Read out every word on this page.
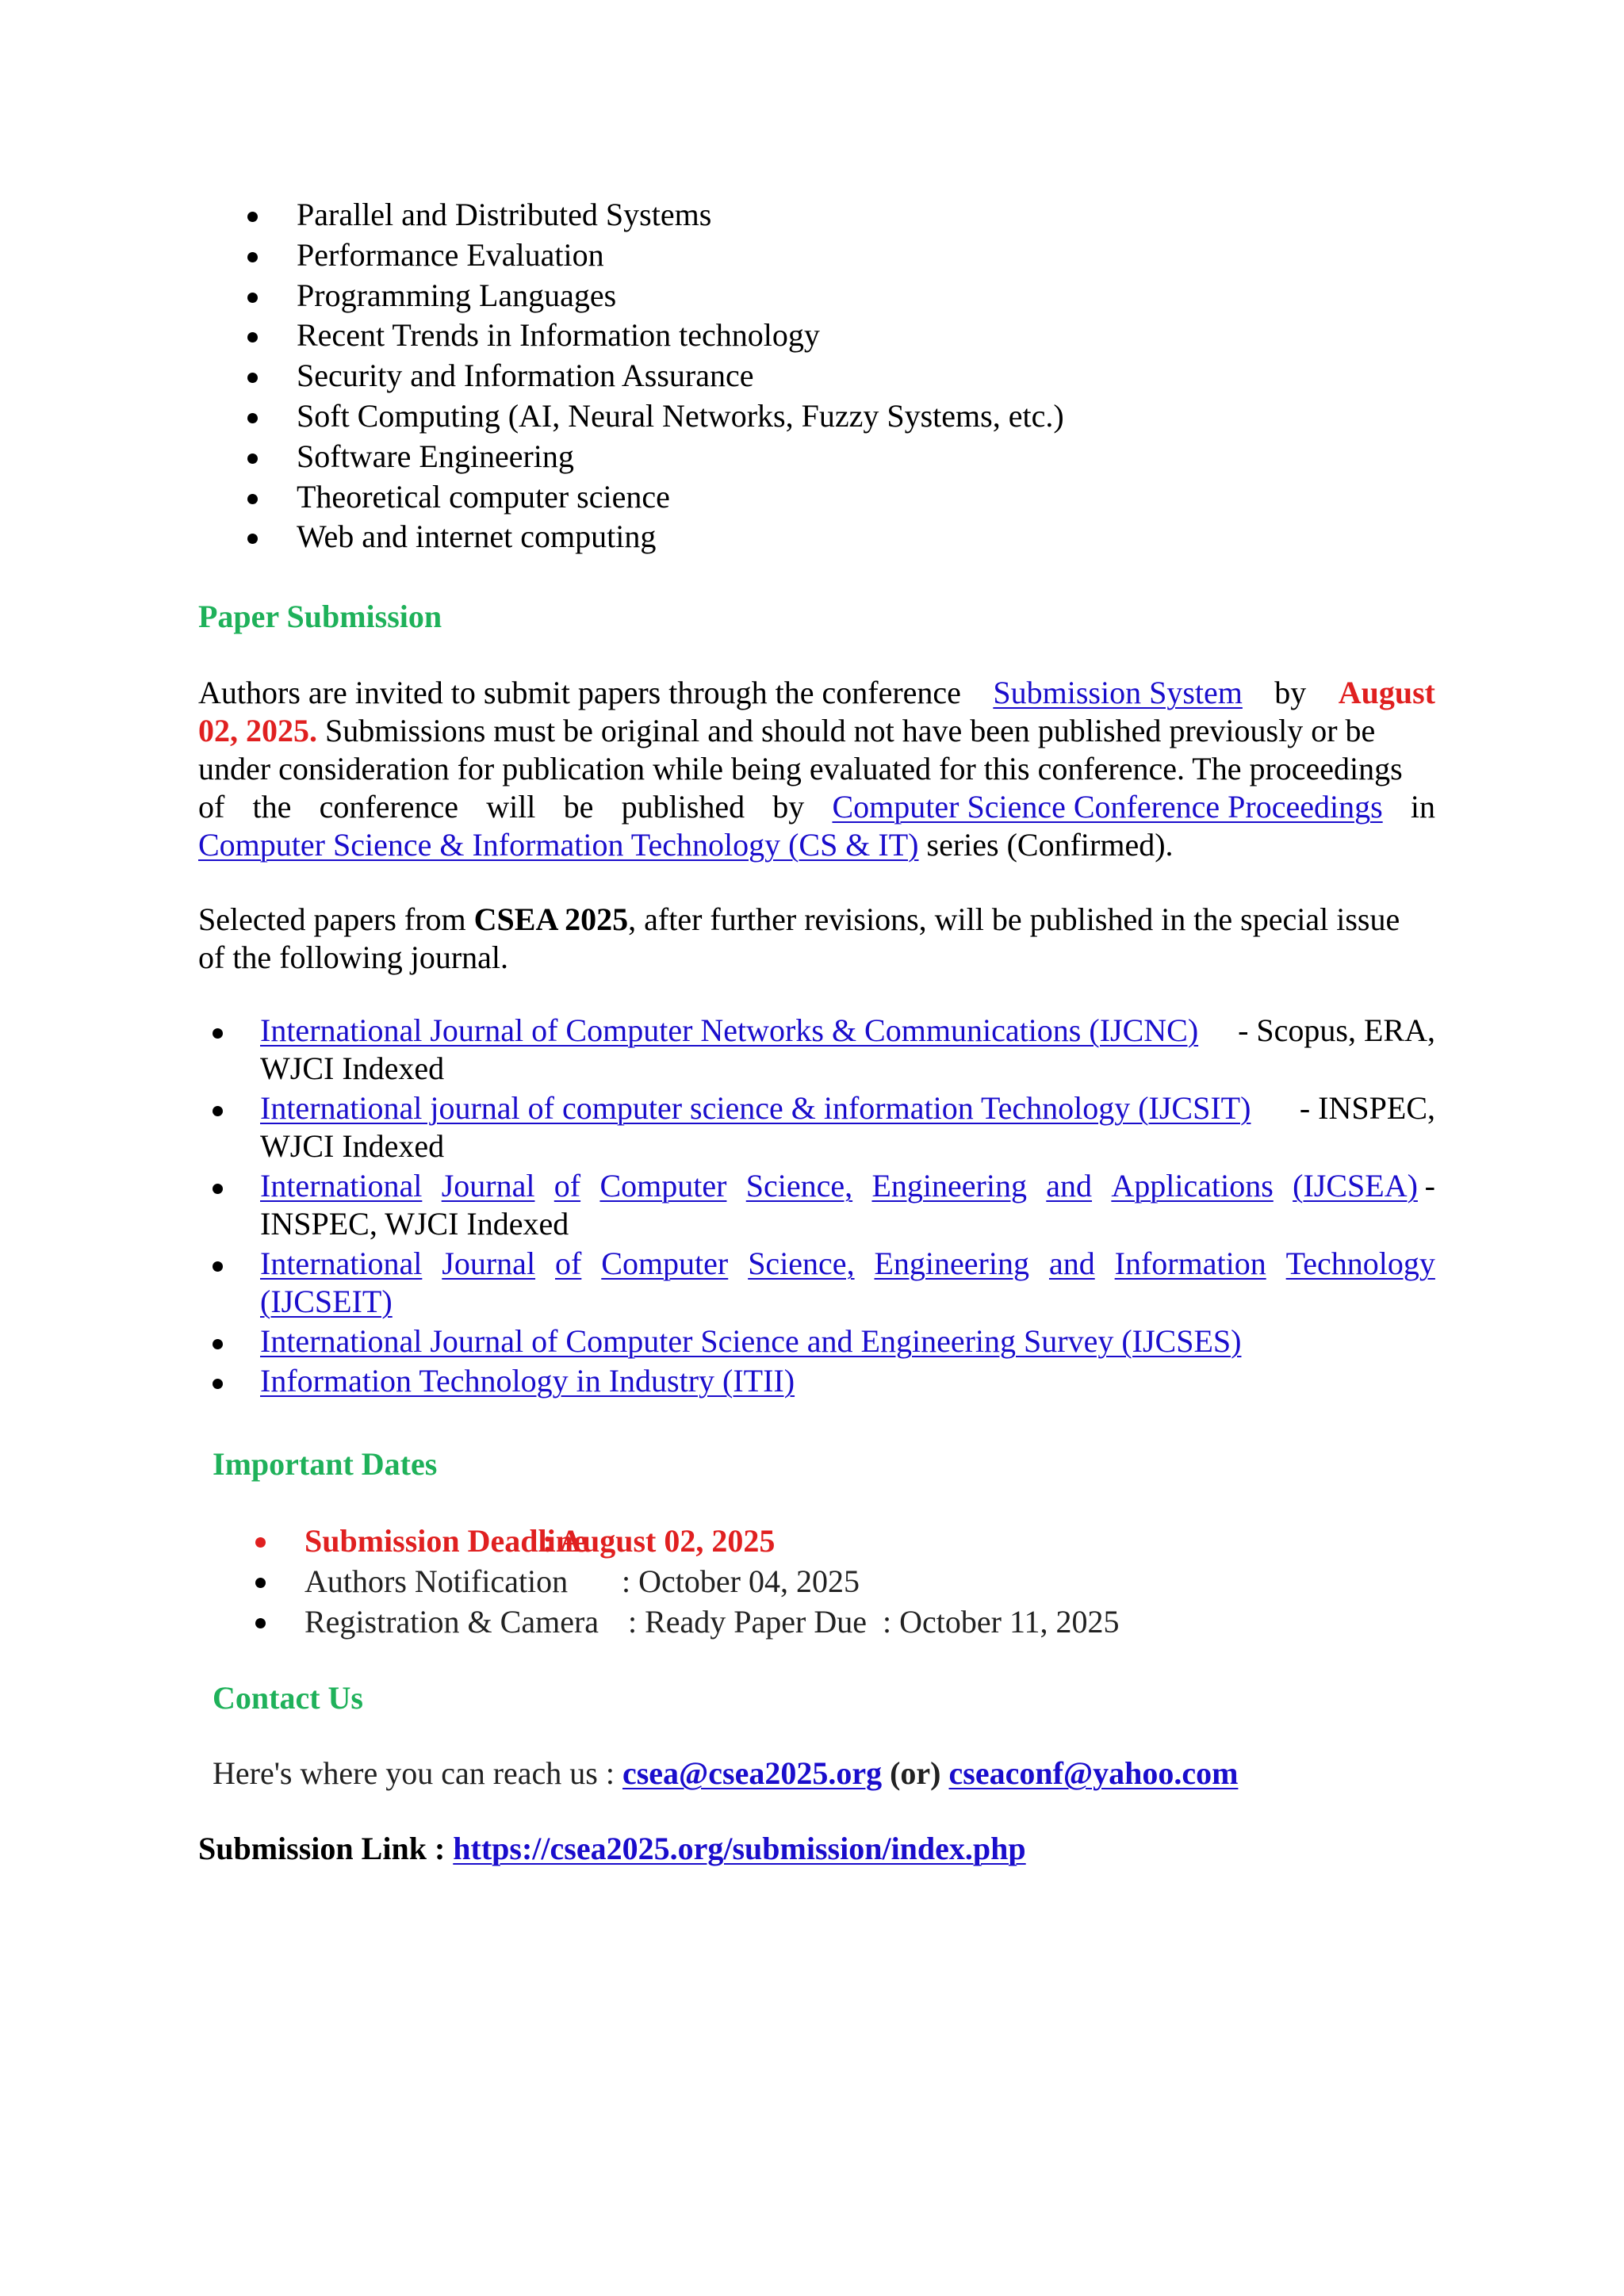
Parallel and Distributed Systems
Performance Evaluation
Programming Languages
Recent Trends in Information technology
Security and Information Assurance
Soft Computing (AI, Neural Networks, Fuzzy Systems, etc.)
Software Engineering
Theoretical computer science
Web and internet computing
Paper Submission
Authors are invited to submit papers through the conference Submission System by August
02, 2025. Submissions must be original and should not have been published previously or be
under consideration for publication while being evaluated for this conference. The proceedings
of the conference will be published by Computer Science Conference Proceedings in
Computer Science & Information Technology (CS & IT) series (Confirmed).
Selected papers from CSEA 2025, after further revisions, will be published in the special issue
of the following journal.
International Journal of Computer Networks & Communications (IJCNC) - Scopus, ERA,
WJCI Indexed
International journal of computer science & information Technology (IJCSIT) - INSPEC,
WJCI Indexed
International Journal of Computer Science, Engineering and Applications (IJCSEA) -
INSPEC, WJCI Indexed
International Journal of Computer Science, Engineering and Information Technology
(IJCSEIT)
International Journal of Computer Science and Engineering Survey (IJCSES)
Information Technology in Industry (ITII)
Important Dates
Submission Deadline: August 02, 2025
Authors Notification : October 04, 2025
Registration & Camera : Ready Paper Due  : October 11, 2025
Contact Us
Here's where you can reach us : csea@csea2025.org (or) cseaconf@yahoo.com
Submission Link : https://csea2025.org/submission/index.php
